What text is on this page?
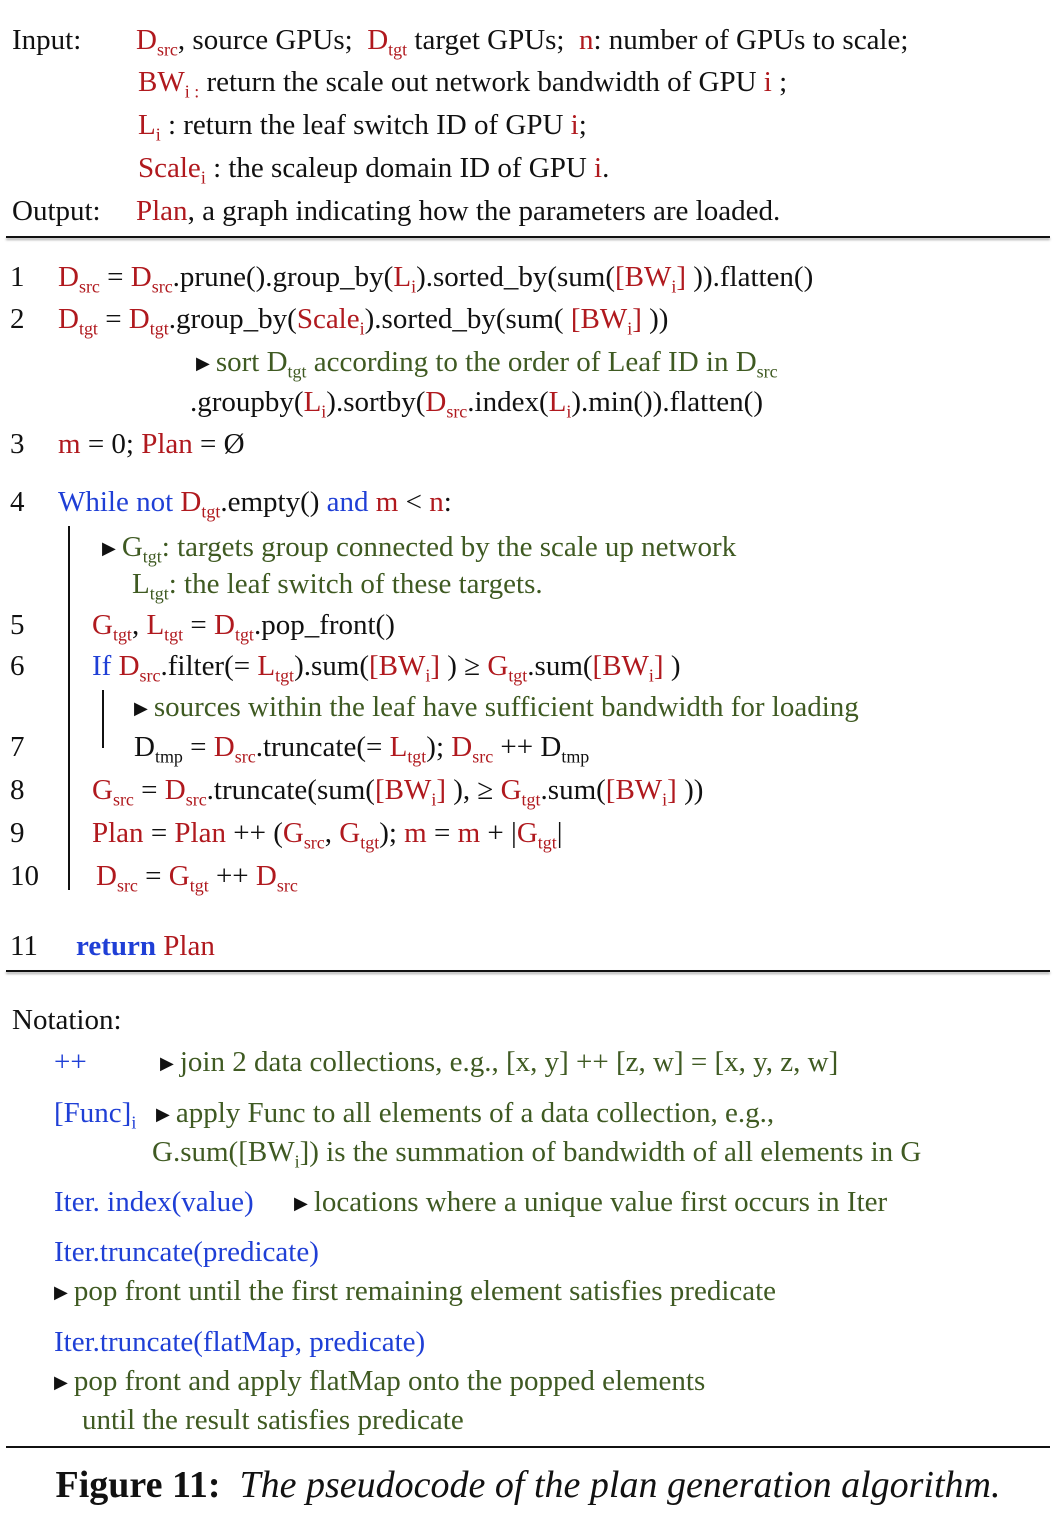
Input: $D_{src}$, source GPUs; $D_{tgt}$ target GPUs; n: number of GPUs to scale;
$BW_{i :}$ return the scale out network bandwidth of GPU i ;
$L_i$ : return the leaf switch ID of GPU i;
Scale$_i$ : the scaleup domain ID of GPU i.
Output: Plan, a graph indicating how the parameters are loaded.
1 $D_{src}$ = $D_{src}.prune().group\_by(L_i).sorted\_by(sum([BW_i]$ )).flatten()
2 $D_{tgt}$ = $D_{tgt}.group\_by(Scale_i).sorted\_by(sum$( $[BW_i]$ ))
▶ sort $D_{tgt}$ according to the order of Leaf ID in $D_{src}$
$.groupby(L_i).sortby(D_{src}.index(L_i).\min()).flatten()$
3 m = 0; Plan = Ø
4 While not $D_{tgt}.empty()$ and m < n:
▶ $G_{tgt}$: targets group connected by the scale up network
$L_{tgt}$: the leaf switch of these targets.
5 $G_{tgt}$, $L_{tgt}$ = $D_{tgt}.pop\_front()$
6 If $D_{src}.filter(= L_{tgt}).sum([BW_i]$ ) ≥ $G_{tgt}.sum([BW_i]$ )
▶ sources within the leaf have sufficient bandwidth for loading
7	$D_{tmp}$ = $D_{src}.truncate(= L_{tgt})$; $D_{src} ++ D_{tmp}$
8 $G_{src}$ = $D_{src}.truncate(sum([BW_i]$ ), ≥ $G_{tgt}.sum([BW_i]$ ))
9 Plan = Plan ++ ($G_{src}$, $G_{tgt}$); $m = m + |G_{tgt}|$
10 $D_{src} = G_{tgt} ++ D_{src}$
11 return Plan
Notation:
++	▶ join 2 data collections, e.g., [x, y] ++ [z, w] = [x, y, z, w]
$[Func]_i$ ▶ apply Func to all elements of a data collection, e.g.,
$G.sum([BW_i])$ is the summation of bandwidth of all elements in G
Iter. index(value) ▶ locations where a unique value first occurs in Iter
Iter.truncate(predicate)
▶ pop front until the first remaining element satisfies predicate
Iter.truncate(flatMap, predicate)
▶ pop front and apply flatMap onto the popped elements
until the result satisfies predicate
Figure 11: The pseudocode of the plan generation algorithm.
